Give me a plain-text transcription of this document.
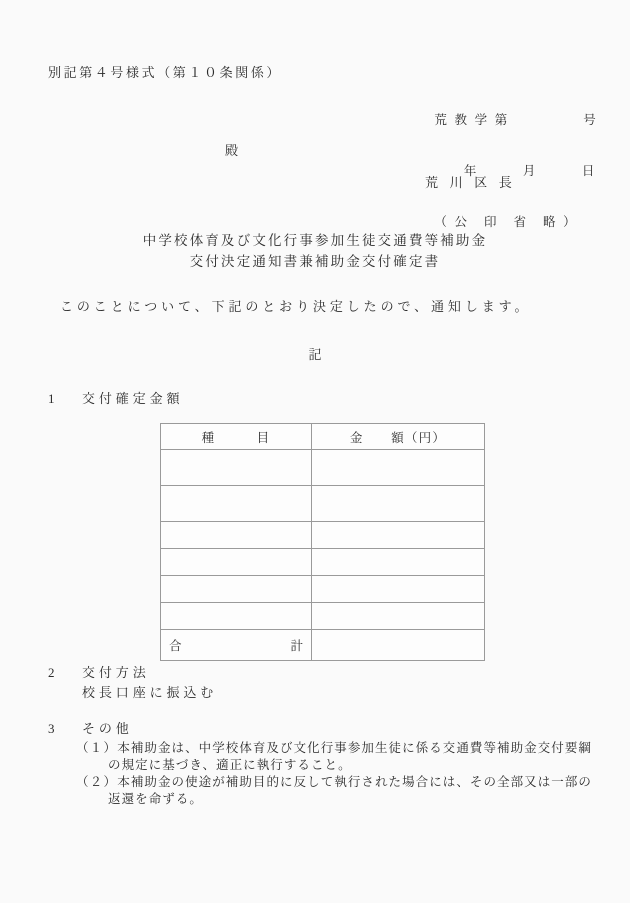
別記第４号様式（第１０条関係）

荒 教 学 第　　　　　号

　　年　　　月　　　日

（ 公　印　省　略 ）

殿
荒 川 区 長
中学校体育及び文化行事参加生徒交通費等補助金
交付決定通知書兼補助金交付確定書
このことについて、下記のとおり決定したので、通知します。
記
1 交付確定金額
種　　　目	金　　額（円）

合 計	

2 交付方法
校長口座に振込む
3 その他
（１）本補助金は、中学校体育及び文化行事参加生徒に係る交通費等補助金交付要綱
の規定に基づき、適正に執行すること。
（２）本補助金の使途が補助目的に反して執行された場合には、その全部又は一部の
返還を命ずる。
